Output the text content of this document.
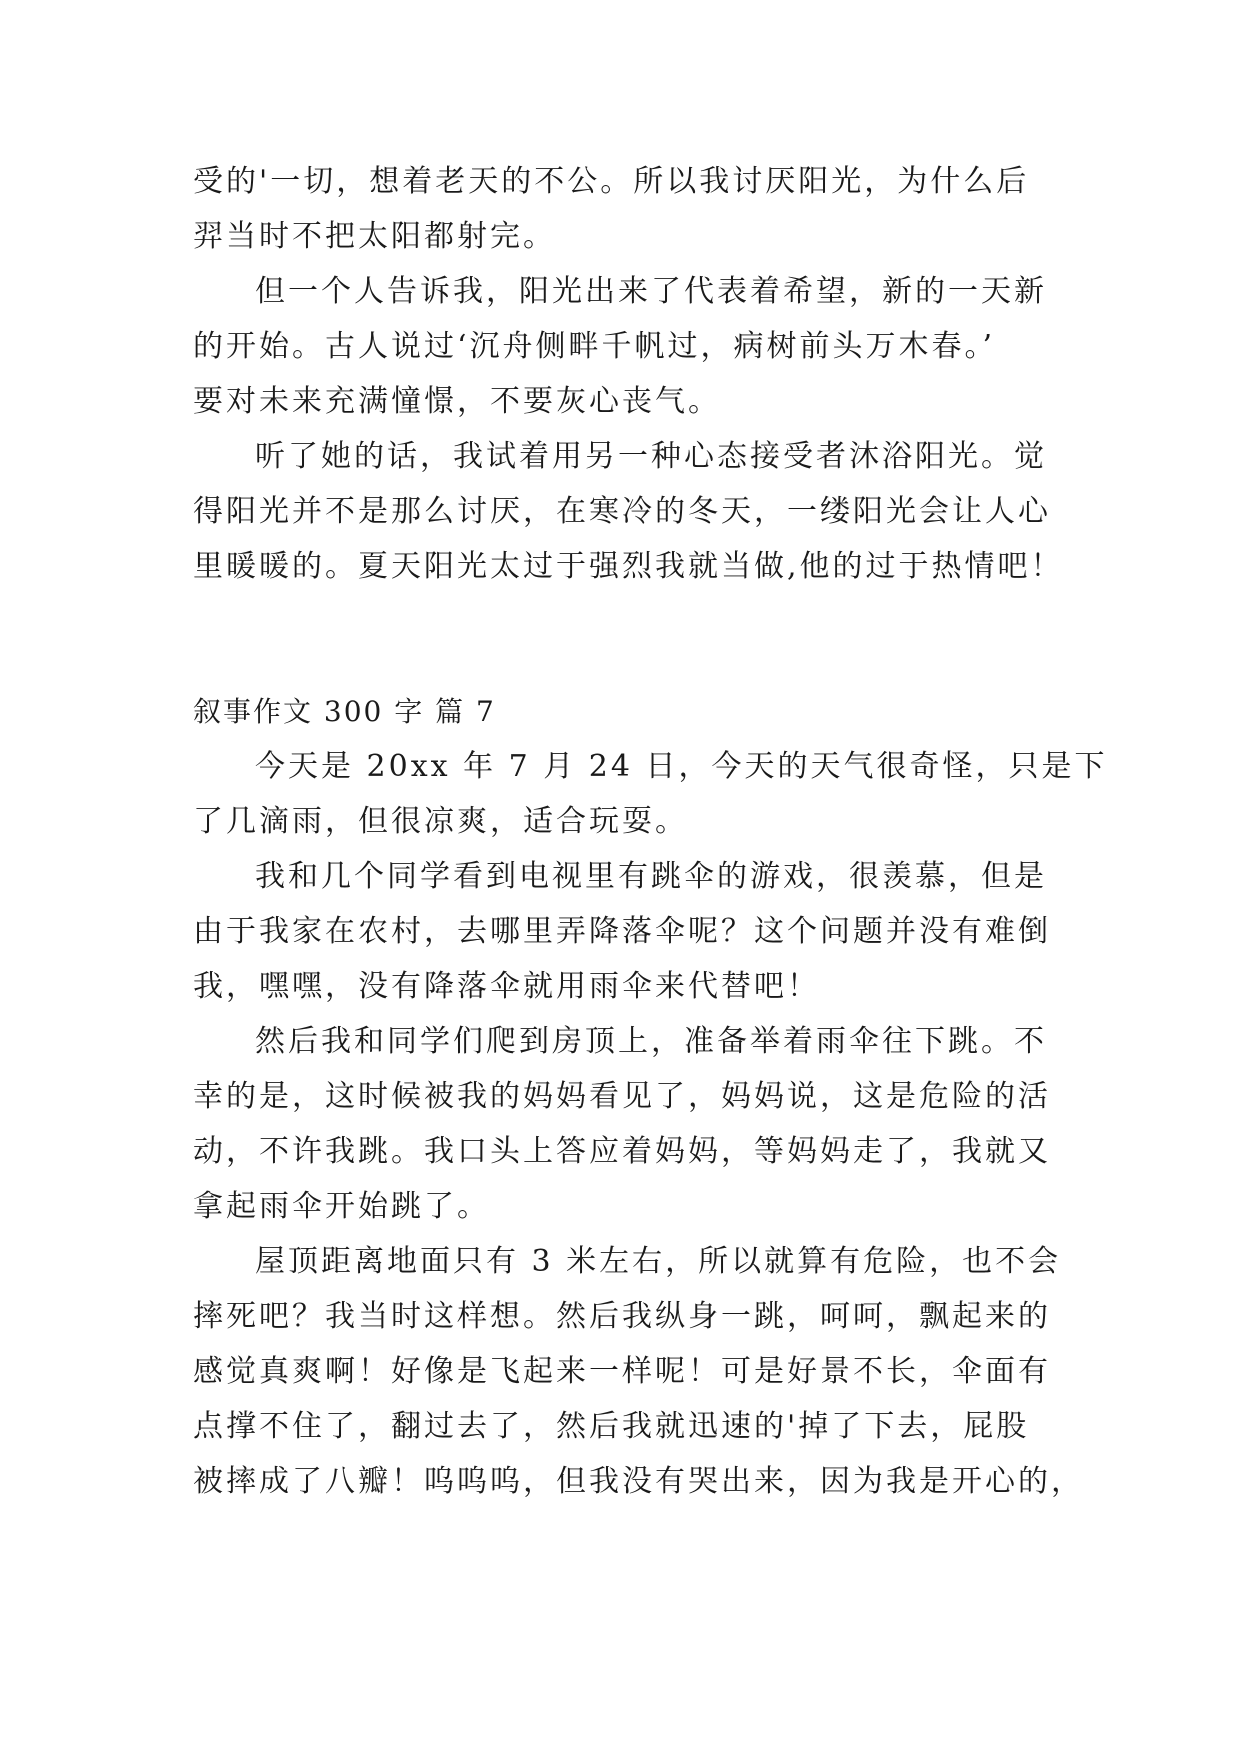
受的'一切，想着老天的不公。所以我讨厌阳光，为什么后
羿当时不把太阳都射完。
但一个人告诉我，阳光出来了代表着希望，新的一天新
的开始。古人说过‘沉舟侧畔千帆过，病树前头万木春。’
要对未来充满憧憬，不要灰心丧气。
听了她的话，我试着用另一种心态接受者沐浴阳光。觉
得阳光并不是那么讨厌，在寒冷的冬天，一缕阳光会让人心
里暖暖的。夏天阳光太过于强烈我就当做,他的过于热情吧！
叙事作文 300 字 篇 7
今天是 20xx 年 7 月 24 日，今天的天气很奇怪，只是下
了几滴雨，但很凉爽，适合玩耍。
我和几个同学看到电视里有跳伞的游戏，很羡慕，但是
由于我家在农村，去哪里弄降落伞呢？这个问题并没有难倒
我，嘿嘿，没有降落伞就用雨伞来代替吧！
然后我和同学们爬到房顶上，准备举着雨伞往下跳。不
幸的是，这时候被我的妈妈看见了，妈妈说，这是危险的活
动，不许我跳。我口头上答应着妈妈，等妈妈走了，我就又
拿起雨伞开始跳了。
屋顶距离地面只有 3 米左右，所以就算有危险，也不会
摔死吧？我当时这样想。然后我纵身一跳，呵呵，飘起来的
感觉真爽啊！好像是飞起来一样呢！可是好景不长，伞面有
点撑不住了，翻过去了，然后我就迅速的'掉了下去，屁股
被摔成了八瓣！呜呜呜，但我没有哭出来，因为我是开心的，
